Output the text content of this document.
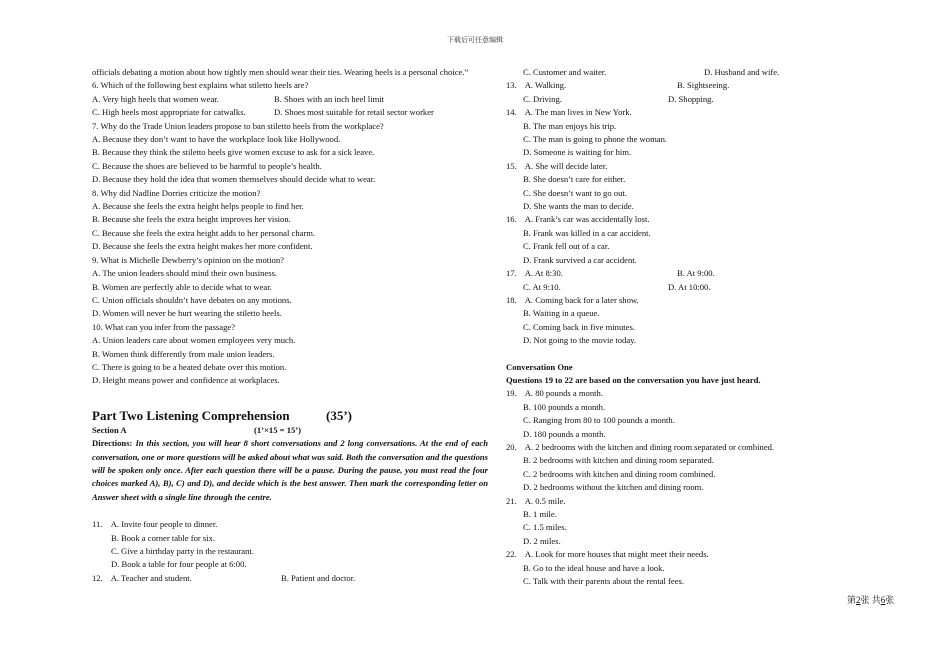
下载后可任意编辑
officials debating a motion about how tightly men should wear their ties. Wearing heels is a personal choice.”
6. Which of the following best explains what stiletto heels are?
A. Very high heels that women wear.	B. Shoes with an inch heel limit
C. High heels most appropriate for catwalks.	D. Shoes most suitable for retail sector worker
7. Why do the Trade Union leaders propose to ban stiletto heels from the workplace?
A. Because they don’t want to have the workplace look like Hollywood.
B. Because they think the stiletto heels give women excuse to ask for a sick leave.
C. Because the shoes are believed to be harmful to people’s health.
D. Because they hold the idea that women themselves should decide what to wear.
8. Why did Nadline Dorries criticize the motion?
A. Because she feels the extra height helps people to find her.
B. Because she feels the extra height improves her vision.
C. Because she feels the extra height adds to her personal charm.
D. Because she feels the extra height makes her more confident.
9. What is Michelle Dewberry’s opinion on the motion?
A. The union leaders should mind their own business.
B. Women are perfectly able to decide what to wear.
C. Union officials shouldn’t have debates on any motions.
D. Women will never be hurt wearing the stiletto heels.
10. What can you infer from the passage?
A. Union leaders care about women employees very much.
B. Women think differently from male union leaders.
C. There is going to be a heated debate over this motion.
D. Height means power and confidence at workplaces.
Part Two Listening Comprehension	(35’)
Section A	(1’×15 = 15’)
Directions: In this section, you will hear 8 short conversations and 2 long conversations. At the end of each conversation, one or more questions will be asked about what was said. Both the conversation and the questions will be spoken only once. After each question there will be a pause. During the pause, you must read the four choices marked A), B), C) and D), and decide which is the best answer. Then mark the corresponding letter on Answer sheet with a single line through the centre.
11. A. Invite four people to dinner.
B. Book a corner table for six.
C. Give a birthday party in the restaurant.
D. Book a table for four people at 6:00.
12. A. Teacher and student.	B. Patient and doctor.
C. Customer and waiter.	D. Husband and wife.
13. A. Walking.	B. Sightseeing.
C. Driving.	D. Shopping.
14. A. The man lives in New York.
B. The man enjoys his trip.
C. The man is going to phone the woman.
D. Someone is waiting for him.
15. A. She will decide later.
B. She doesn’t care for either.
C. She doesn’t want to go out.
D. She wants the man to decide.
16. A. Frank’s car was accidentally lost.
B. Frank was killed in a car accident.
C. Frank fell out of a car.
D. Frank survived a car accident.
17. A. At 8:30.	B. At 9:00.
C. At 9:10.	D. At 10:00.
18. A. Coming back for a later show.
B. Waiting in a queue.
C. Coming back in five minutes.
D. Not going to the movie today.
Conversation One
Questions 19 to 22 are based on the conversation you have just heard.
19. A. 80 pounds a month.
B. 100 pounds a month.
C. Ranging from 80 to 100 pounds a month.
D. 180 pounds a month.
20. A. 2 bedrooms with the kitchen and dining room separated or combined.
B. 2 bedrooms with kitchen and dining room separated.
C. 2 bedrooms with kitchen and dining room combined.
D. 2 bedrooms without the kitchen and dining room.
21. A. 0.5 mile.
B. 1 mile.
C. 1.5 miles.
D. 2 miles.
22. A. Look for more houses that might meet their needs.
B. Go to the ideal house and have a look.
C. Talk with their parents about the rental fees.
第2张 共6张
